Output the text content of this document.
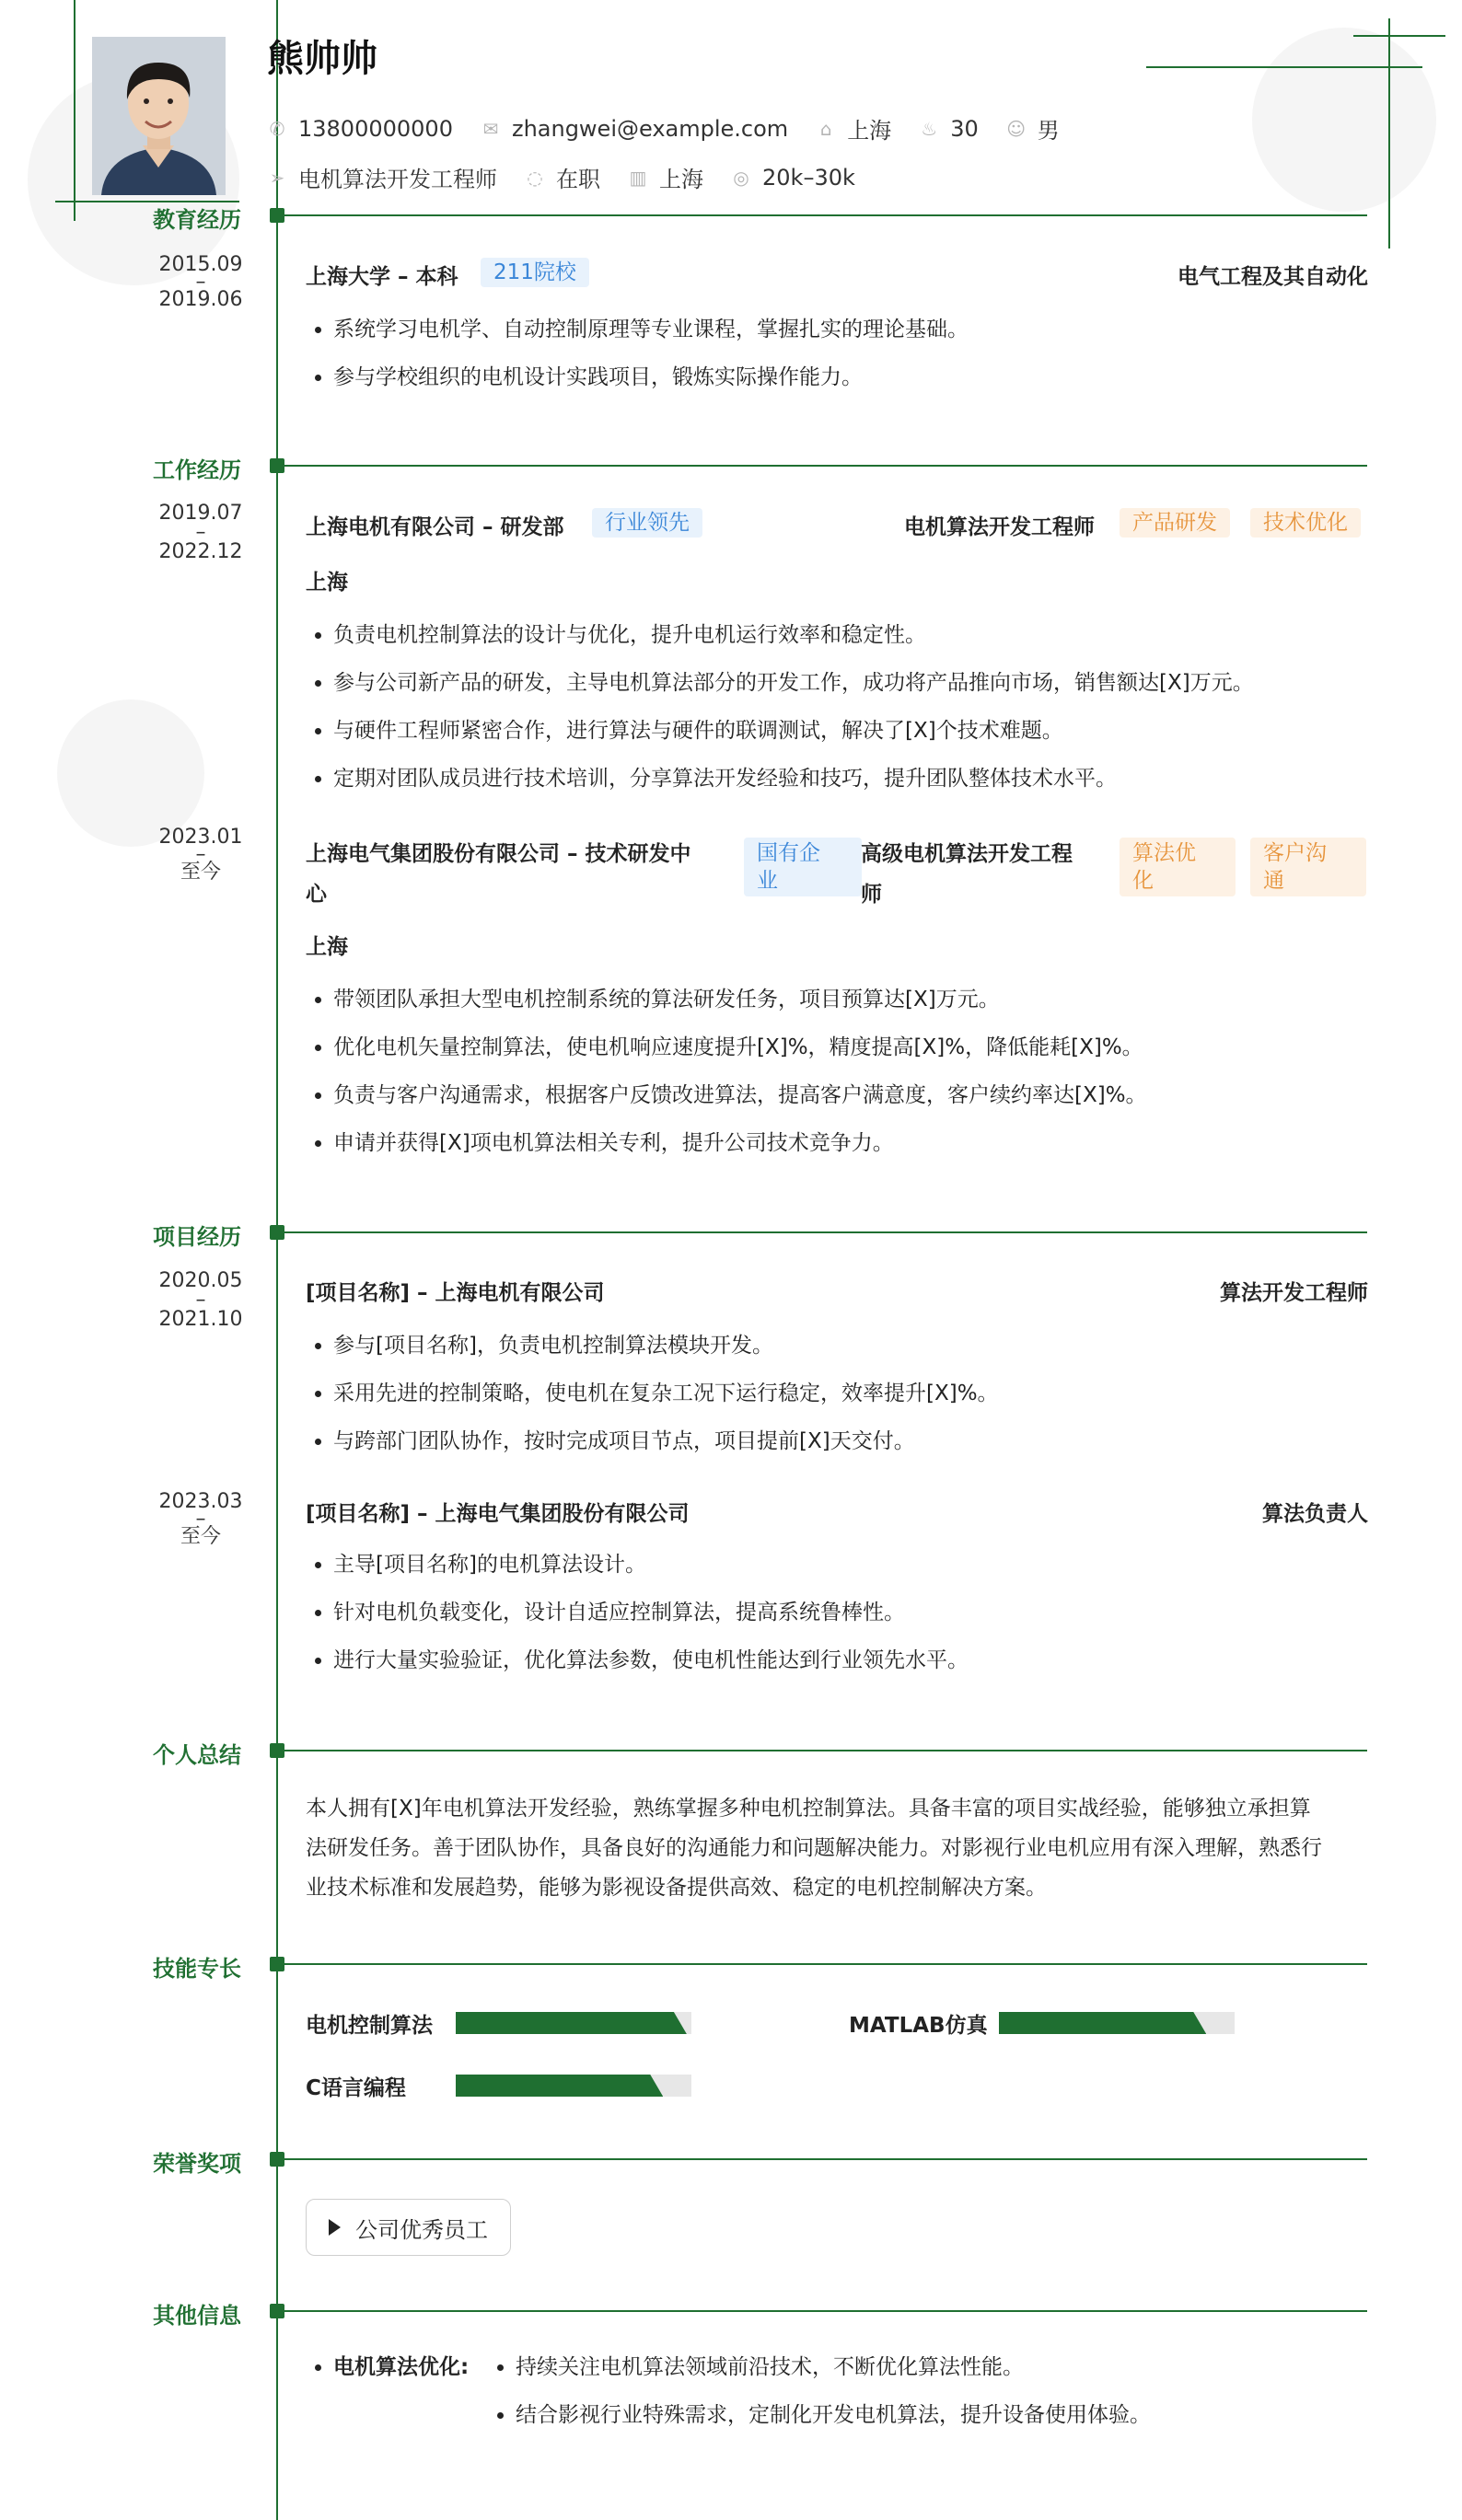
熊帅帅
✆ 13800000000 ✉ zhangwei@example.com ⌂ 上海 ♨ 30 ☺ 男
➢ 电机算法开发工程师 ◌ 在职 ▥ 上海 ◎ 20k–30k
教育经历
2015.09
–
2019.06
上海大学 – 本科	211院校	电气工程及其自动化
• 系统学习电机学、自动控制原理等专业课程，掌握扎实的理论基础。
• 参与学校组织的电机设计实践项目，锻炼实际操作能力。
工作经历
2019.07
–
2022.12
上海电机有限公司 – 研发部	行业领先	电机算法开发工程师	产品研发	技术优化
上海
• 负责电机控制算法的设计与优化，提升电机运行效率和稳定性。
• 参与公司新产品的研发，主导电机算法部分的开发工作，成功将产品推向市场，销售额达[X]万元。
• 与硬件工程师紧密合作，进行算法与硬件的联调测试，解决了[X]个技术难题。
• 定期对团队成员进行技术培训，分享算法开发经验和技巧，提升团队整体技术水平。
2023.01
–
至今
上海电气集团股份有限公司 – 技术研发中
心
国有企
业
高级电机算法开发工程
师
算法优
化
客户沟
通
上海
• 带领团队承担大型电机控制系统的算法研发任务，项目预算达[X]万元。
• 优化电机矢量控制算法，使电机响应速度提升[X]%，精度提高[X]%，降低能耗[X]%。
• 负责与客户沟通需求，根据客户反馈改进算法，提高客户满意度，客户续约率达[X]%。
• 申请并获得[X]项电机算法相关专利，提升公司技术竞争力。
项目经历
2020.05
–
2021.10
[项目名称] – 上海电机有限公司	算法开发工程师
• 参与[项目名称]，负责电机控制算法模块开发。
• 采用先进的控制策略，使电机在复杂工况下运行稳定，效率提升[X]%。
• 与跨部门团队协作，按时完成项目节点，项目提前[X]天交付。
2023.03
–
至今
[项目名称] – 上海电气集团股份有限公司	算法负责人
• 主导[项目名称]的电机算法设计。
• 针对电机负载变化，设计自适应控制算法，提高系统鲁棒性。
• 进行大量实验验证，优化算法参数，使电机性能达到行业领先水平。
个人总结
本人拥有[X]年电机算法开发经验，熟练掌握多种电机控制算法。具备丰富的项目实战经验，能够独立承担算
法研发任务。善于团队协作，具备良好的沟通能力和问题解决能力。对影视行业电机应用有深入理解，熟悉行
业技术标准和发展趋势，能够为影视设备提供高效、稳定的电机控制解决方案。
技能专长
电机控制算法	MATLAB仿真
C语言编程
荣誉奖项
公司优秀员工
其他信息
• 电机算法优化:
•	持续关注电机算法领域前沿技术，不断优化算法性能。
• 结合影视行业特殊需求，定制化开发电机算法，提升设备使用体验。
